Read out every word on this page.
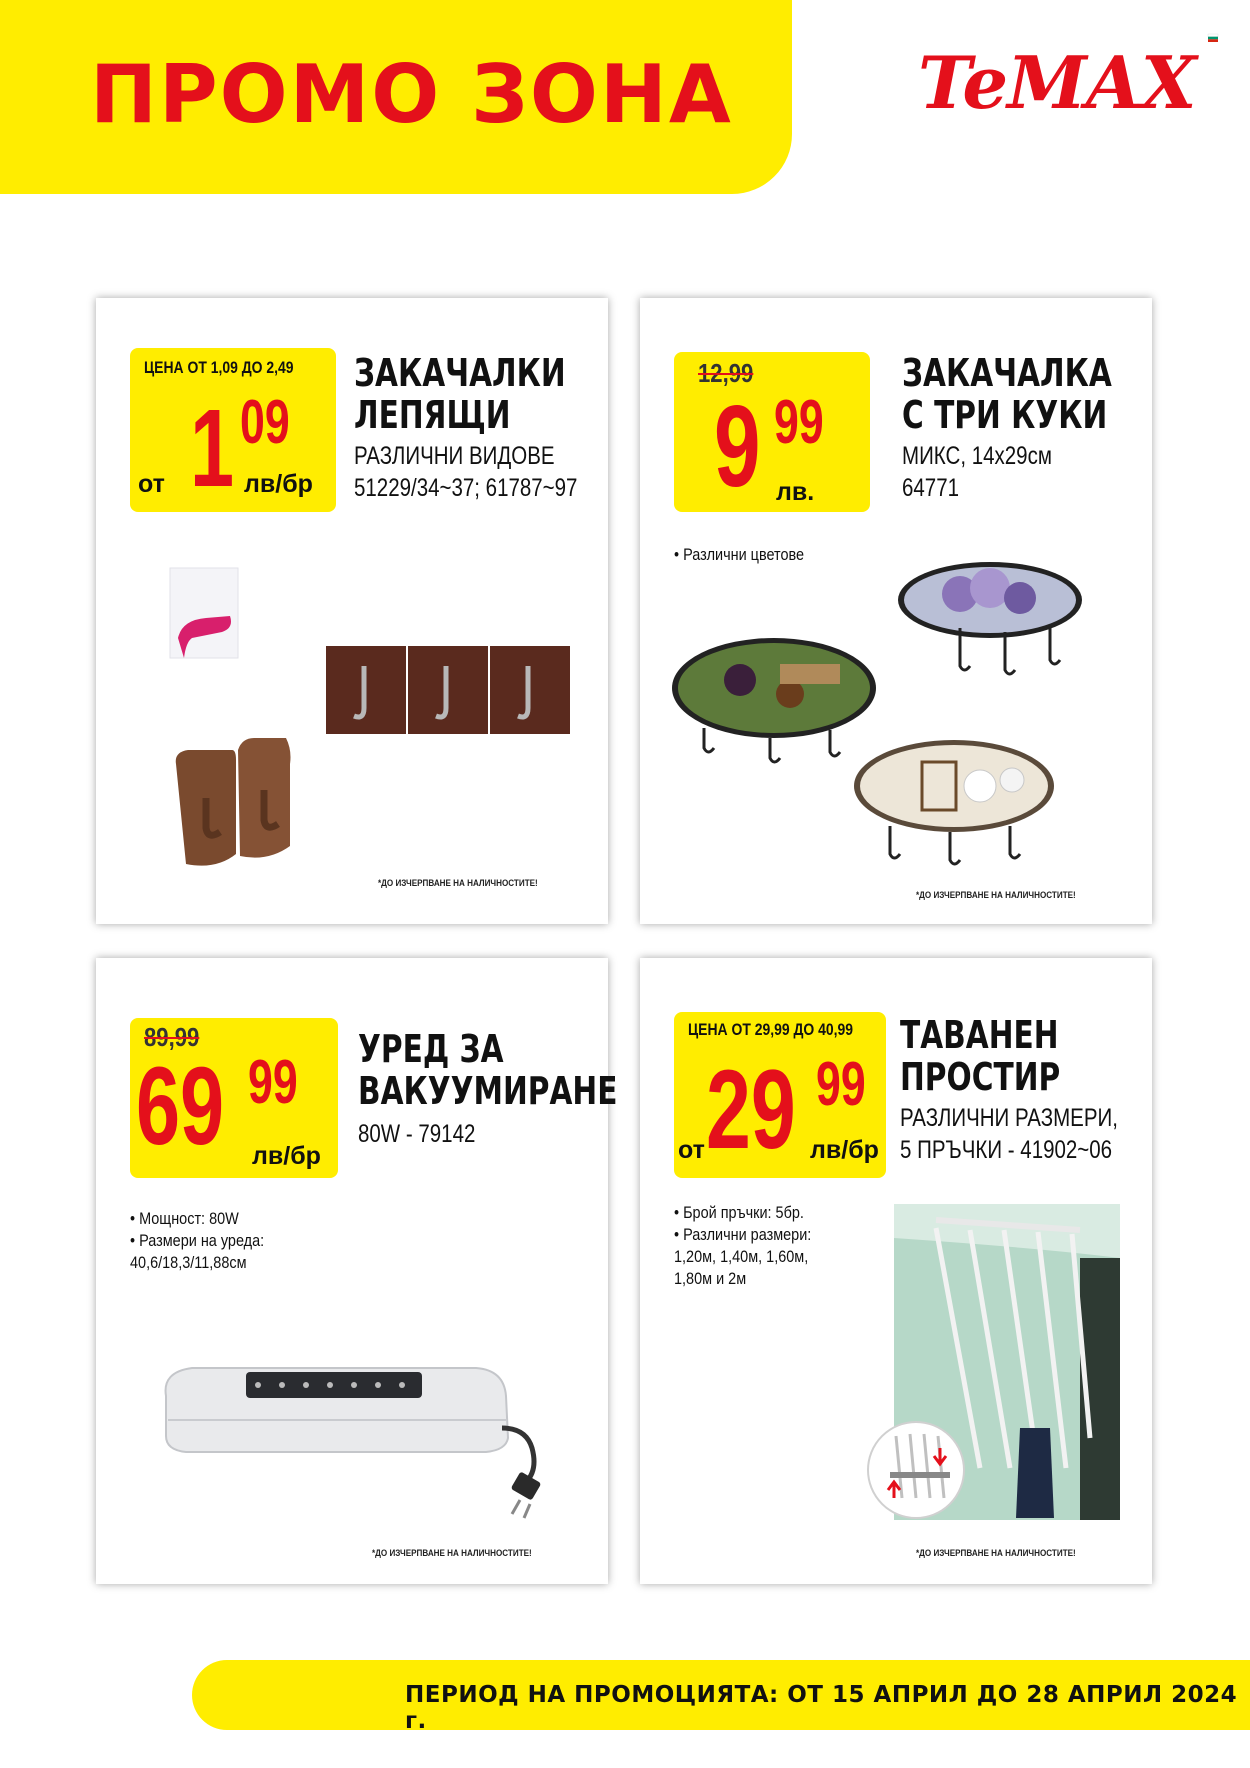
ПРОМО ЗОНА	TeMAX
ЦЕНА ОТ 1,09 ДО 2,49
от 1 09
лв/бр
ЗАКАЧАЛКИ
ЛЕПЯЩИ
РАЗЛИЧНИ ВИДОВЕ
51229/34~37; 61787~97
*ДО ИЗЧЕРПВАНЕ НА НАЛИЧНОСТИТЕ!
12,99
9 99
лв.
ЗАКАЧАЛКА
С ТРИ КУКИ
МИКС, 14x29см
64771
• Различни цветове
*ДО ИЗЧЕРПВАНЕ НА НАЛИЧНОСТИТЕ!
89,99
69 99
лв/бр
УРЕД ЗА
ВАКУУМИРАНЕ
80W - 79142
• Мощност: 80W
• Размери на уреда:
40,6/18,3/11,88см
*ДО ИЗЧЕРПВАНЕ НА НАЛИЧНОСТИТЕ!
ЦЕНА ОТ 29,99 ДО 40,99
от 29 99
лв/бр
ТАВАНЕН
ПРОСТИР
РАЗЛИЧНИ РАЗМЕРИ,
5 ПРЪЧКИ - 41902~06
• Брой пръчки: 5бр.
• Различни размери:
1,20м, 1,40м, 1,60м,
1,80м и 2м
*ДО ИЗЧЕРПВАНЕ НА НАЛИЧНОСТИТЕ!
ПЕРИОД НА ПРОМОЦИЯТА: ОТ 15 АПРИЛ ДО 28 АПРИЛ 2024 г.
